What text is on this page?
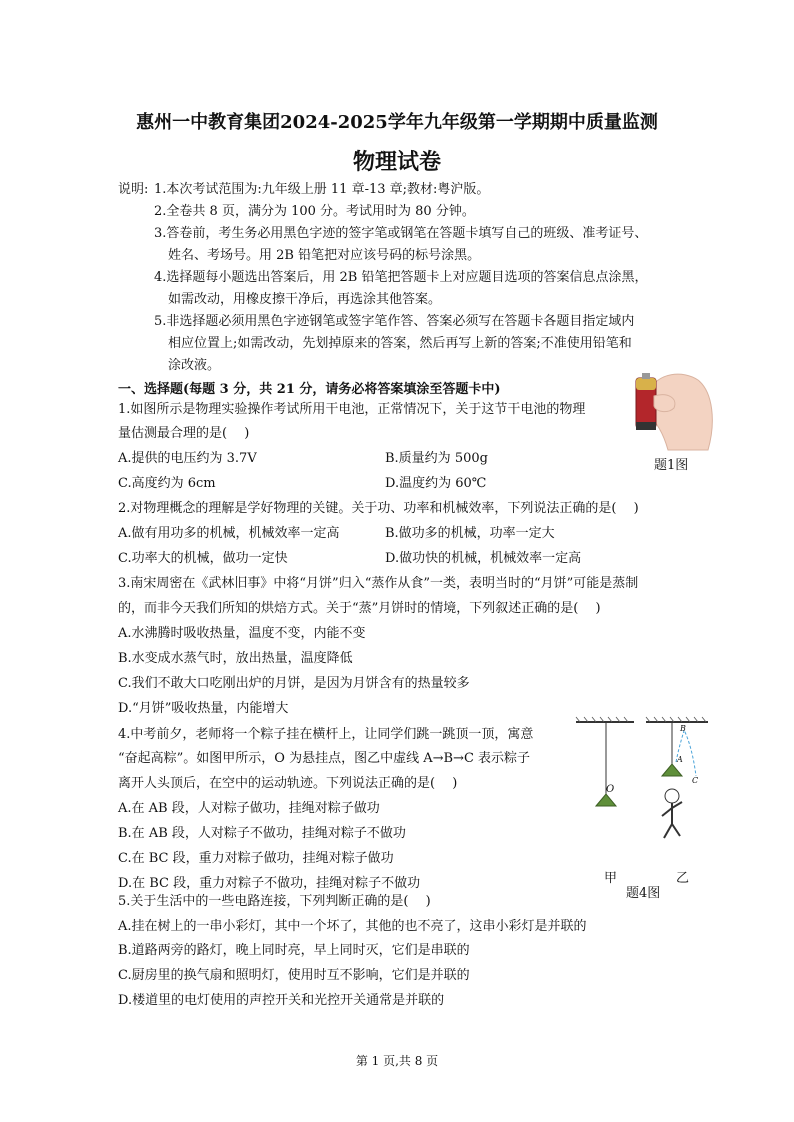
惠州一中教育集团2024-2025学年九年级第一学期期中质量监测
物理试卷
说明: 1.本次考试范围为:九年级上册 11 章-13 章;教材:粤沪版。
2.全卷共 8 页，满分为 100 分。考试用时为 80 分钟。
3.答卷前，考生务必用黑色字迹的签字笔或钢笔在答题卡填写自己的班级、准考证号、
姓名、考场号。用 2B 铅笔把对应该号码的标号涂黑。
4.选择题每小题选出答案后，用 2B 铅笔把答题卡上对应题目选项的答案信息点涂黑，
如需改动，用橡皮擦干净后，再选涂其他答案。
5.非选择题必须用黑色字迹钢笔或签字笔作答、答案必须写在答题卡各题目指定域内
相应位置上;如需改动，先划掉原来的答案，然后再写上新的答案;不准使用铅笔和
涂改液。
一、选择题(每题 3 分，共 21 分，请务必将答案填涂至答题卡中)
1.如图所示是物理实验操作考试所用干电池，正常情况下，关于这节干电池的物理
量估测最合理的是(　 )
A.提供的电压约为 3.7V	B.质量约为 500g
C.高度约为 6cm	D.温度约为 60℃
题1图
2.对物理概念的理解是学好物理的关键。关于功、功率和机械效率，下列说法正确的是(　 )
A.做有用功多的机械，机械效率一定高	B.做功多的机械，功率一定大
C.功率大的机械，做功一定快	D.做功快的机械，机械效率一定高
3.南宋周密在《武林旧事》中将“月饼”归入“蒸作从食”一类，表明当时的“月饼”可能是蒸制
的，而非今天我们所知的烘焙方式。关于“蒸”月饼时的情境，下列叙述正确的是(　 )
A.水沸腾时吸收热量，温度不变，内能不变
B.水变成水蒸气时，放出热量，温度降低
C.我们不敢大口吃刚出炉的月饼，是因为月饼含有的热量较多
D.“月饼”吸收热量，内能增大
4.中考前夕，老师将一个粽子挂在横杆上，让同学们跳一跳顶一顶，寓意
“奋起高粽”。如图甲所示，O 为悬挂点，图乙中虚线 A→B→C 表示粽子
离开人头顶后，在空中的运动轨迹。下列说法正确的是(　 )
A.在 AB 段，人对粽子做功，挂绳对粽子做功
B.在 AB 段，人对粽子不做功，挂绳对粽子不做功
C.在 BC 段，重力对粽子做功，挂绳对粽子做功
D.在 BC 段，重力对粽子不做功，挂绳对粽子不做功
O
A
B
C
甲	乙
题4图
5.关于生活中的一些电路连接，下列判断正确的是(　 )
A.挂在树上的一串小彩灯，其中一个坏了，其他的也不亮了，这串小彩灯是并联的
B.道路两旁的路灯，晚上同时亮，早上同时灭，它们是串联的
C.厨房里的换气扇和照明灯，使用时互不影响，它们是并联的
D.楼道里的电灯使用的声控开关和光控开关通常是并联的
第 1 页,共 8 页
